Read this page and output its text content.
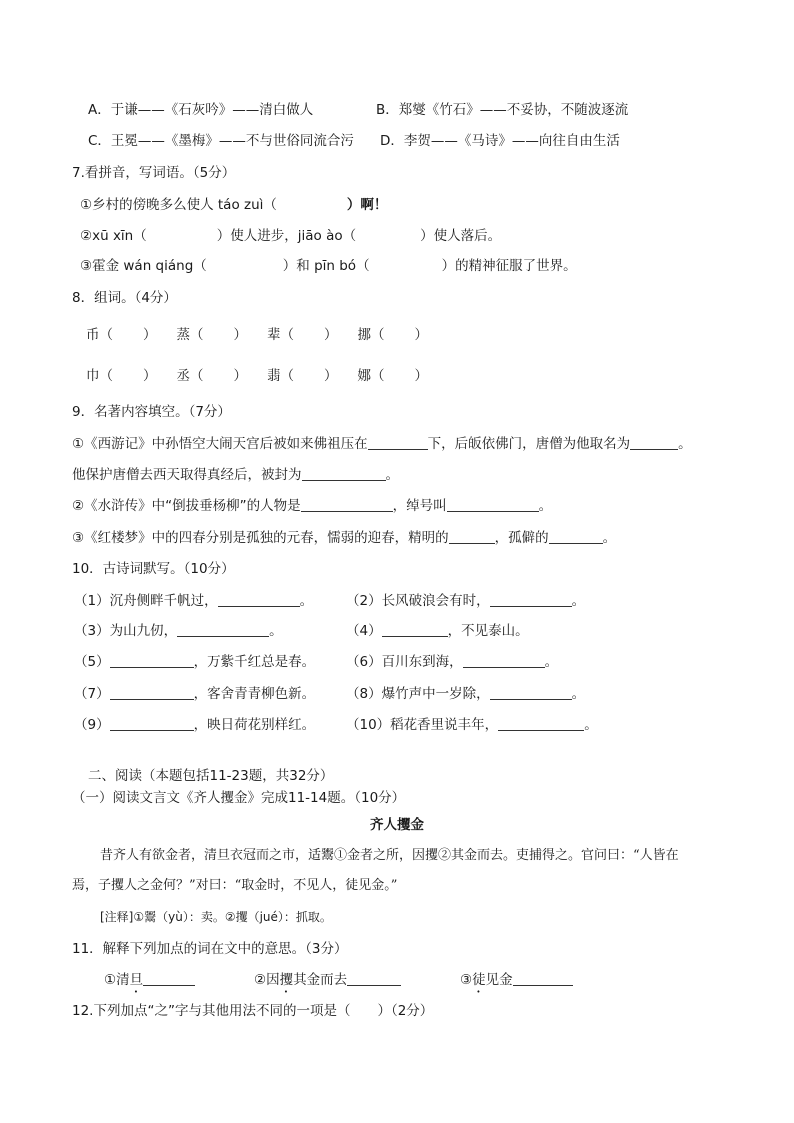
A．于谦——《石灰吟》——清白做人	B．郑燮《竹石》——不妥协，不随波逐流
C．王冕——《墨梅》——不与世俗同流合污 D．李贺——《马诗》——向往自由生活
7.看拼音，写词语。（5分）
①乡村的傍晚多么使人 táo zuì（	）啊！
②xū xīn（	）使人进步，jiāo ào（	）使人落后。
③霍金 wán qiáng（	）和 pīn bó（	）的精神征服了世界。
8．组词。（4分）
币（ ） 蒸（ ） 辈（ ） 挪（ ）
巾（ ） 丞（ ） 翡（ ） 娜（ ）
9．名著内容填空。（7分）
①《西游记》中孙悟空大闹天宫后被如来佛祖压在	下，后皈依佛门，唐僧为他取名为	。
他保护唐僧去西天取得真经后，被封为	。
②《水浒传》中“倒拔垂杨柳”的人物是	，绰号叫	。
③《红楼梦》中的四春分别是孤独的元春，懦弱的迎春，精明的	，孤僻的	。
10．古诗词默写。（10分）
（1）沉舟侧畔千帆过，	。 （2）长风破浪会有时，	。
（3）为山九仞，	。	（4）	，不见泰山。
（5）	，万紫千红总是春。 （6）百川东到海，	。
（7）	，客舍青青柳色新。 （8）爆竹声中一岁除，	。
（9）	，映日荷花别样红。 （10）稻花香里说丰年，	。
二、阅读（本题包括11-23题，共32分）
（一）阅读文言文《齐人攫金》完成11-14题。（10分）
齐人攫金
昔齐人有欲金者，清旦衣冠而之市，适鬻①金者之所，因攫②其金而去。吏捕得之。官问曰：“人皆在
焉，子攫人之金何？”对曰：“取金时，不见人，徒见金。”
[注释]①鬻（yù）：卖。②攫（jué）：抓取。
11．解释下列加点的词在文中的意思。（3分）
①清旦	②因攫其金而去	③徒见金
12.下列加点“之”字与其他用法不同的一项是（　　）（2分）
